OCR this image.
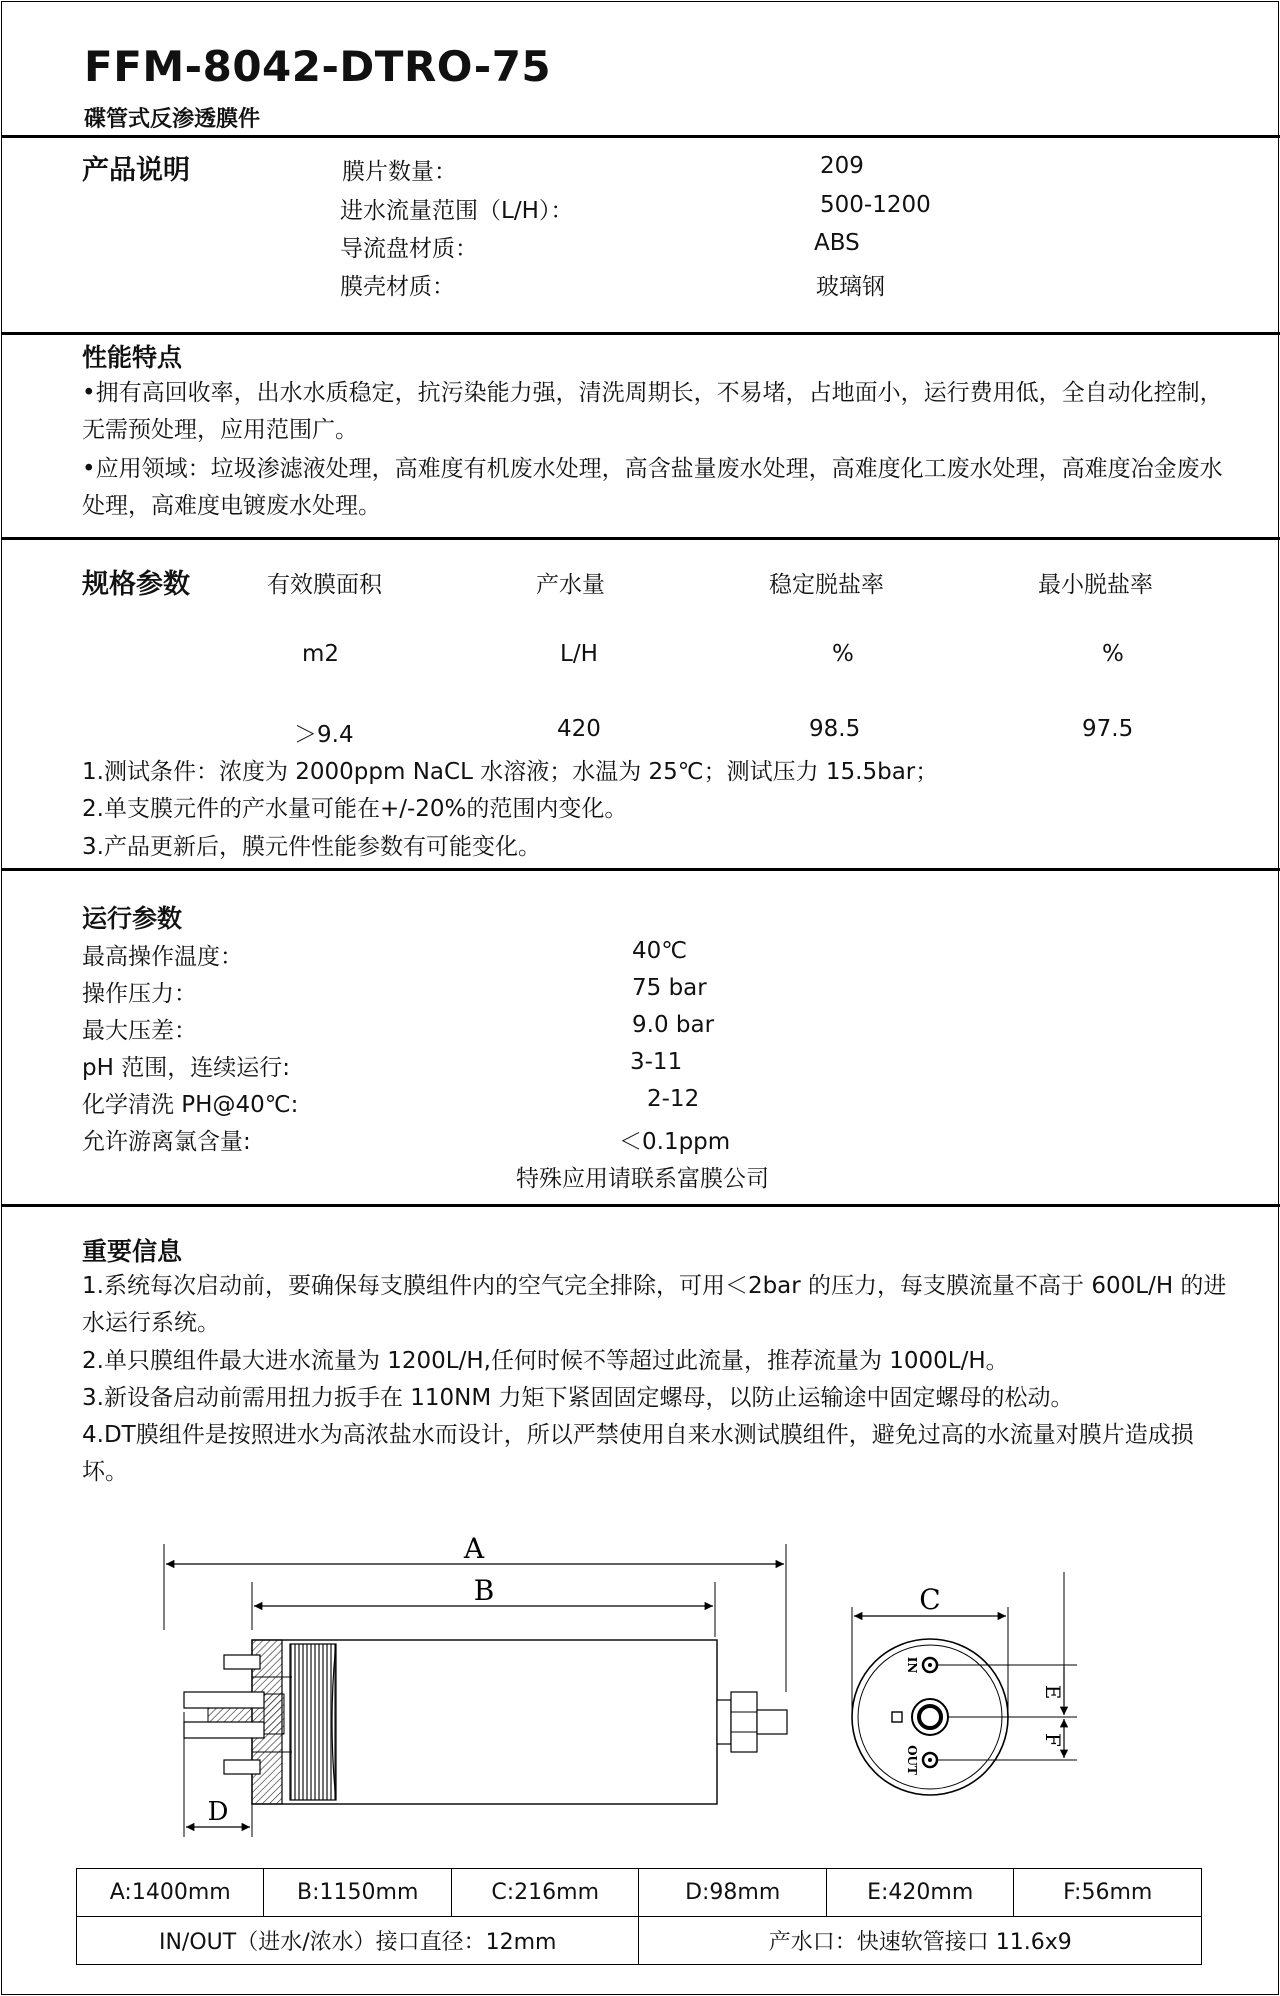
FFM-8042-DTRO-75
碟管式反渗透膜件
产品说明	膜片数量：	209
进水流量范围（L/H）：	500-1200
导流盘材质：	ABS
膜壳材质：	玻璃钢
性能特点
•拥有高回收率，出水水质稳定，抗污染能力强，清洗周期长，不易堵，占地面小，运行费用低，全自动化控制，无需预处理，应用范围广。
•应用领域：垃圾渗滤液处理，高难度有机废水处理，高含盐量废水处理，高难度化工废水处理，高难度冶金废水处理，高难度电镀废水处理。
规格参数	有效膜面积	产水量	稳定脱盐率	最小脱盐率
m2	L/H	%	%
＞9.4	420	98.5	97.5
1.测试条件：浓度为 2000ppm NaCL 水溶液；水温为 25℃；测试压力 15.5bar；
2.单支膜元件的产水量可能在+/-20%的范围内变化。
3.产品更新后，膜元件性能参数有可能变化。
运行参数
最高操作温度：	40℃
操作压力：	75 bar
最大压差：	9.0 bar
pH 范围，连续运行:	3-11
化学清洗 PH@40℃:	2-12
允许游离氯含量:	＜0.1ppm
特殊应用请联系富膜公司
重要信息
1.系统每次启动前，要确保每支膜组件内的空气完全排除，可用＜2bar 的压力，每支膜流量不高于 600L/H 的进水运行系统。
2.单只膜组件最大进水流量为 1200L/H,任何时候不等超过此流量，推荐流量为 1000L/H。
3.新设备启动前需用扭力扳手在 110NM 力矩下紧固固定螺母，以防止运输途中固定螺母的松动。
4.DT膜组件是按照进水为高浓盐水而设计，所以严禁使用自来水测试膜组件，避免过高的水流量对膜片造成损坏。
A
B
D
IN
OUT
C
E
F
A:1400mm	B:1150mm	C:216mm	D:98mm	E:420mm	F:56mm
IN/OUT（进水/浓水）接口直径：12mm			产水口：快速软管接口 11.6x9		
